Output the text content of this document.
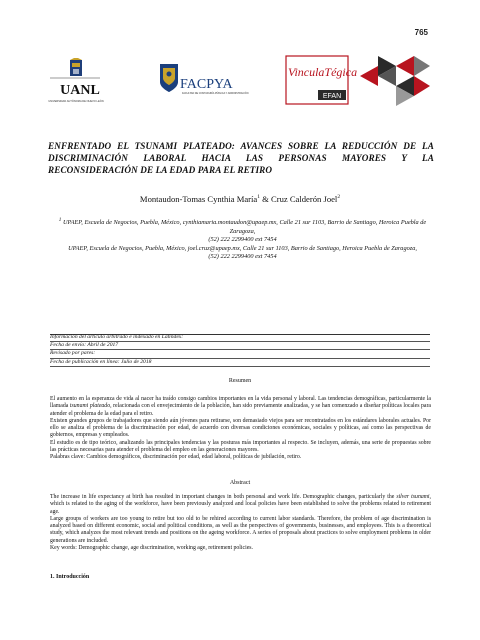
765
UANL
UNIVERSIDAD AUTÓNOMA DE NUEVO LEÓN
FACPYA
FACULTAD DE CONTADURÍA PÚBLICA Y ADMINISTRACIÓN
VinculaTégica
EFAN
ENFRENTADO EL TSUNAMI PLATEADO: AVANCES SOBRE LA REDUCCIÓN DE LA DISCRIMINACIÓN LABORAL HACIA LAS PERSONAS MAYORES Y LA RECONSIDERACIÓN DE LA EDAD PARA EL RETIRO
Montaudon-Tomas Cynthia María$^1$ & Cruz Calderón Joel$^2$

$^1$ UPAEP, Escuela de Negocios, Puebla, México, cynthiamaria.montaudon@upaep.mx, Calle 21 sur 1103, Barrio de Santiago, Heroica Puebla de Zaragoza,

(52) 222 2299400 ext 7454

UPAEP, Escuela de Negocios, Puebla, México, joel.cruz@upaep.mx, Calle 21 sur 1103, Barrio de Santiago, Heroica Puebla de Zaragoza,

(52) 222 2299400 ext 7454

Información del artículo arbitrado e indexado en Latindex:
Fecha de envío: Abril de 2017
Revisado por pares:
Fecha de publicación en línea: Julio de 2018
Resumen

El aumento en la esperanza de vida al nacer ha traído consigo cambios importantes en la vida personal y laboral. Las tendencias demográficas, particularmente la llamada tsunami plateado, relacionada con el envejecimiento de la población, han sido previamente analizadas, y se han comenzado a diseñar políticas locales para atender el problema de la edad para el retiro.

Existen grandes grupos de trabajadores que siendo aún jóvenes para retirarse, son demasiado viejos para ser recontratados en los estándares laborales actuales. Por ello se analiza el problema de la discriminación por edad, de acuerdo con diversas condiciones económicas, sociales y políticas, así como las perspectivas de gobiernos, empresas y empleados.

El estudio es de tipo teórico, analizando las principales tendencias y las posturas más importantes al respecto. Se incluyen, además, una serie de propuestas sobre las prácticas necesarias para atender el problema del empleo en las generaciones mayores.

Palabras clave: Cambios demográficos, discriminación por edad, edad laboral, políticas de jubilación, retiro.

Abstract

The increase in life expectancy at birth has resulted in important changes in both personal and work life. Demographic changes, particularly the silver tsunami, which is related to the aging of the workforce, have been previously analyzed and local policies have been established to solve the problems related to retirement age.

Large groups of workers are too young to retire but too old to be rehired according to current labor standards. Therefore, the problem of age discrimination is analyzed based on different economic, social and political conditions, as well as the perspectives of governments, businesses, and employees. This is a theoretical study, which analyzes the most relevant trends and positions on the ageing workforce. A series of proposals about practices to solve employment problems in older generations are included.

Key words: Demographic change, age discrimination, working age, retirement policies.

1. Introducción
